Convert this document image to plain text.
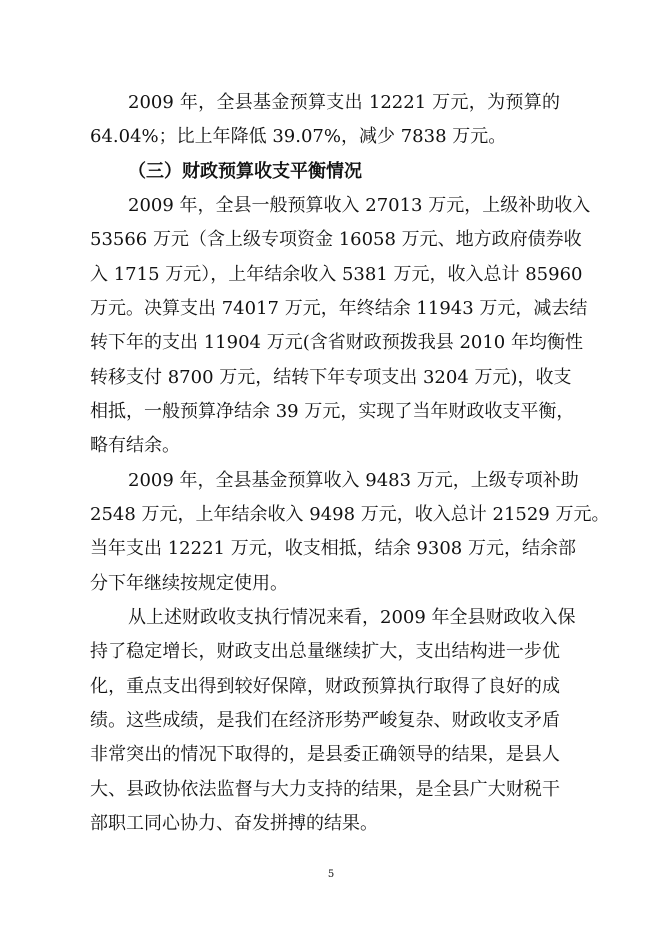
2009 年，全县基金预算支出 12221 万元，为预算的
64.04%；比上年降低 39.07%，减少 7838 万元。
（三）财政预算收支平衡情况
2009 年，全县一般预算收入 27013 万元，上级补助收入
53566 万元（含上级专项资金 16058 万元、地方政府债券收
入 1715 万元），上年结余收入 5381 万元，收入总计 85960
万元。决算支出 74017 万元，年终结余 11943 万元，减去结
转下年的支出 11904 万元(含省财政预拨我县 2010 年均衡性
转移支付 8700 万元，结转下年专项支出 3204 万元)，收支
相抵，一般预算净结余 39 万元，实现了当年财政收支平衡，
略有结余。
2009 年，全县基金预算收入 9483 万元，上级专项补助
2548 万元，上年结余收入 9498 万元，收入总计 21529 万元。
当年支出 12221 万元，收支相抵，结余 9308 万元，结余部
分下年继续按规定使用。
从上述财政收支执行情况来看，2009 年全县财政收入保
持了稳定增长，财政支出总量继续扩大，支出结构进一步优
化，重点支出得到较好保障，财政预算执行取得了良好的成
绩。这些成绩，是我们在经济形势严峻复杂、财政收支矛盾
非常突出的情况下取得的，是县委正确领导的结果，是县人
大、县政协依法监督与大力支持的结果，是全县广大财税干
部职工同心协力、奋发拼搏的结果。
5
